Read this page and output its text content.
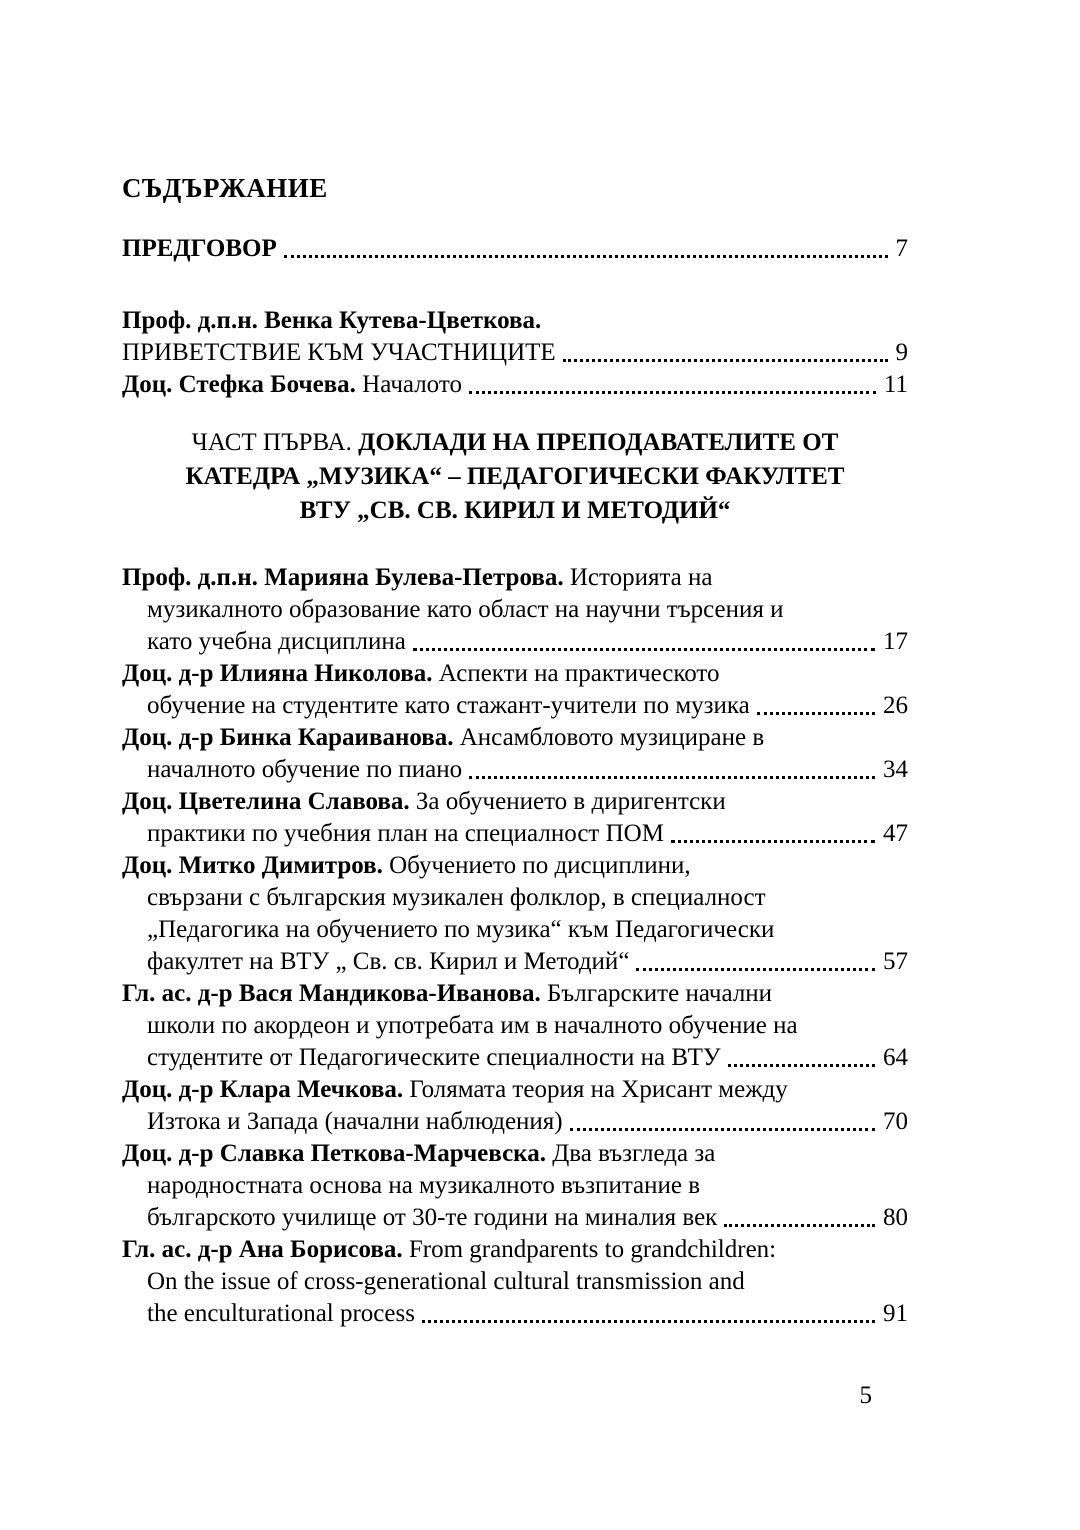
СЪДЪРЖАНИЕ
ПРЕДГОВОР	7
Проф. д.п.н. Венка Кутева-Цветкова.
ПРИВЕТСТВИЕ КЪМ УЧАСТНИЦИТЕ	9
Доц. Стефка Бочева. Началото	11
ЧАСТ ПЪРВА. ДОКЛАДИ НА ПРЕПОДАВАТЕЛИТЕ ОТ
КАТЕДРА „МУЗИКА“ – ПЕДАГОГИЧЕСКИ ФАКУЛТЕТ
ВТУ „СВ. СВ. КИРИЛ И МЕТОДИЙ“
Проф. д.п.н. Марияна Булева-Петрова. Историята на
музикалното образование като област на научни търсения и
като учебна дисциплина	17
Доц. д-р Илияна Николова. Аспекти на практическото
обучение на студентите като стажант-учители по музика	26
Доц. д-р Бинка Караиванова. Ансамбловото музициране в
началното обучение по пиано	34
Доц. Цветелина Славова. За обучението в диригентски
практики по учебния план на специалност ПОМ	47
Доц. Митко Димитров. Обучението по дисциплини,
свързани с българския музикален фолклор, в специалност
„Педагогика на обучението по музика“ към Педагогически
факултет на ВТУ „ Св. св. Кирил и Методий“	57
Гл. ас. д-р Вася Мандикова-Иванова. Българските начални
школи по акордеон и употребата им в началното обучение на
студентите от Педагогическите специалности на ВТУ	64
Доц. д-р Клара Мечкова. Голямата теория на Хрисант между
Изтока и Запада (начални наблюдения)	70
Доц. д-р Славка Петкова-Марчевска. Два възгледа за
народностната основа на музикалното възпитание в
българското училище от 30-те години на миналия век	80
Гл. ас. д-р Ана Борисова. From grandparents to grandchildren:
On the issue of cross-generational cultural transmission and
the enculturational process	91
5
